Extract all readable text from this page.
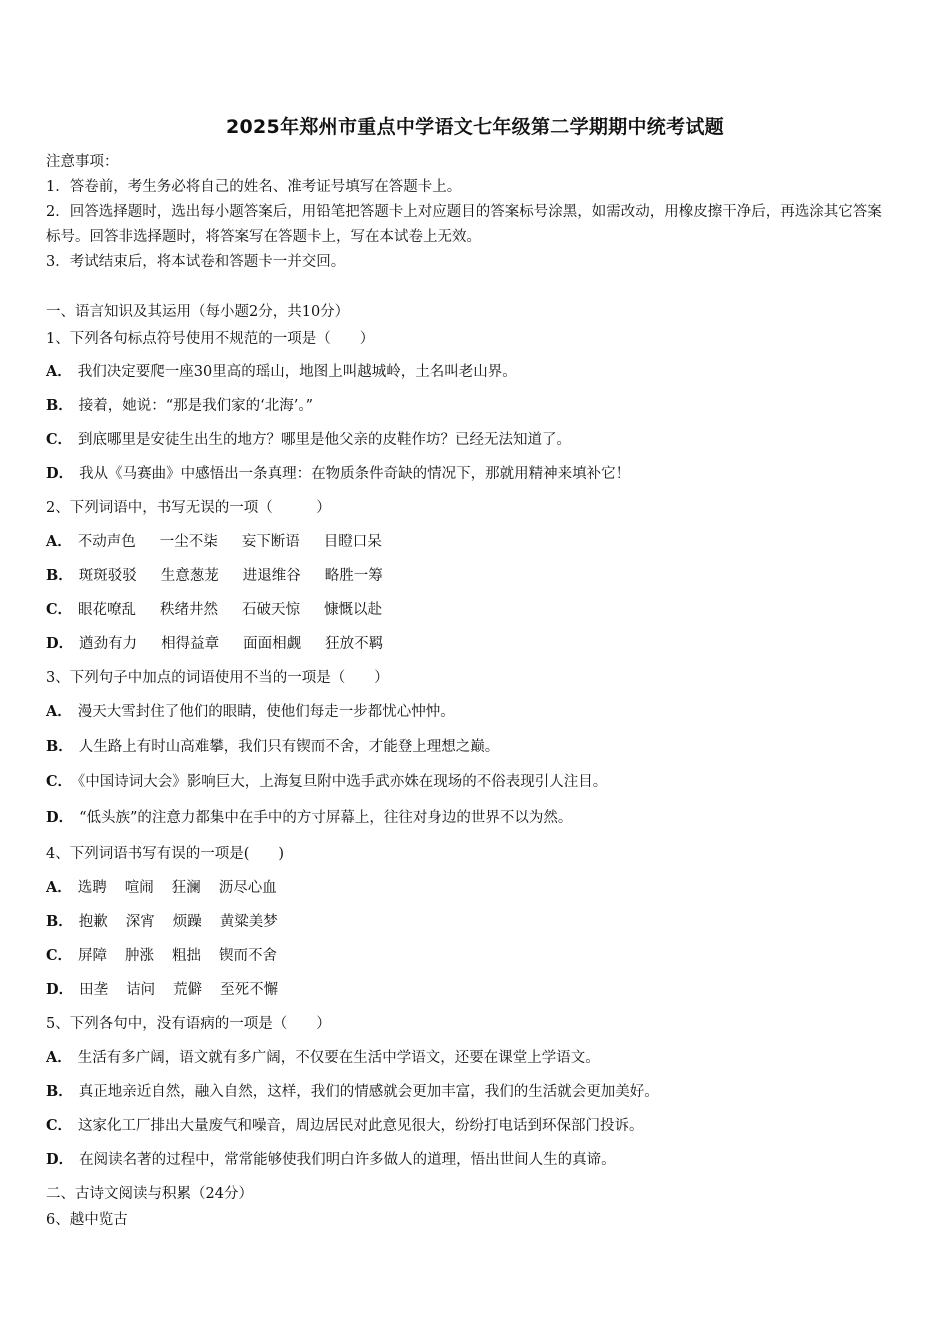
2025年郑州市重点中学语文七年级第二学期期中统考试题

注意事项：

1．答卷前，考生务必将自己的姓名、准考证号填写在答题卡上。

2．回答选择题时，选出每小题答案后，用铅笔把答题卡上对应题目的答案标号涂黑，如需改动，用橡皮擦干净后，再选涂其它答案标号。回答非选择题时，将答案写在答题卡上，写在本试卷上无效。

3．考试结束后，将本试卷和答题卡一并交回。

一、语言知识及其运用（每小题2分，共10分）
1、下列各句标点符号使用不规范的一项是（　　）
A． 我们决定要爬一座30里高的瑶山，地图上叫越城岭，土名叫老山界。
B． 接着，她说：“那是我们家的‘北海’。”
C． 到底哪里是安徒生出生的地方？哪里是他父亲的皮鞋作坊？已经无法知道了。
D． 我从《马赛曲》中感悟出一条真理：在物质条件奇缺的情况下，那就用精神来填补它！
2、下列词语中，书写无误的一项（　　　）
A． 不动声色 一尘不柒 妄下断语 目瞪口呆
B． 斑斑驳驳 生意葱茏 进退维谷 略胜一筹
C． 眼花嘹乱 秩绪井然 石破天惊 慷慨以赴
D． 遒劲有力 相得益章 面面相觑 狂放不羁
3、下列句子中加点的词语使用不当的一项是（　　）
A． 漫天大雪封住了他们的眼睛，使他们每走一步都忧心忡忡。
B． 人生路上有时山高难攀，我们只有锲而不舍，才能登上理想之巅。
C． 《中国诗词大会》影响巨大，上海复旦附中选手武亦姝在现场的不俗表现引人注目。
D． “低头族”的注意力都集中在手中的方寸屏幕上，往往对身边的世界不以为然。
4、下列词语书写有误的一项是(　　)
A． 选聘 喧闹 狂澜 沥尽心血
B． 抱歉 深宵 烦躁 黄粱美梦
C． 屏障 肿涨 粗拙 锲而不舍
D． 田垄 诘问 荒僻 至死不懈
5、下列各句中，没有语病的一项是（　　）
A． 生活有多广阔，语文就有多广阔，不仅要在生活中学语文，还要在课堂上学语文。
B． 真正地亲近自然，融入自然，这样，我们的情感就会更加丰富，我们的生活就会更加美好。
C． 这家化工厂排出大量废气和噪音，周边居民对此意见很大，纷纷打电话到环保部门投诉。
D． 在阅读名著的过程中，常常能够使我们明白许多做人的道理，悟出世间人生的真谛。
二、古诗文阅读与积累（24分）
6、越中览古
